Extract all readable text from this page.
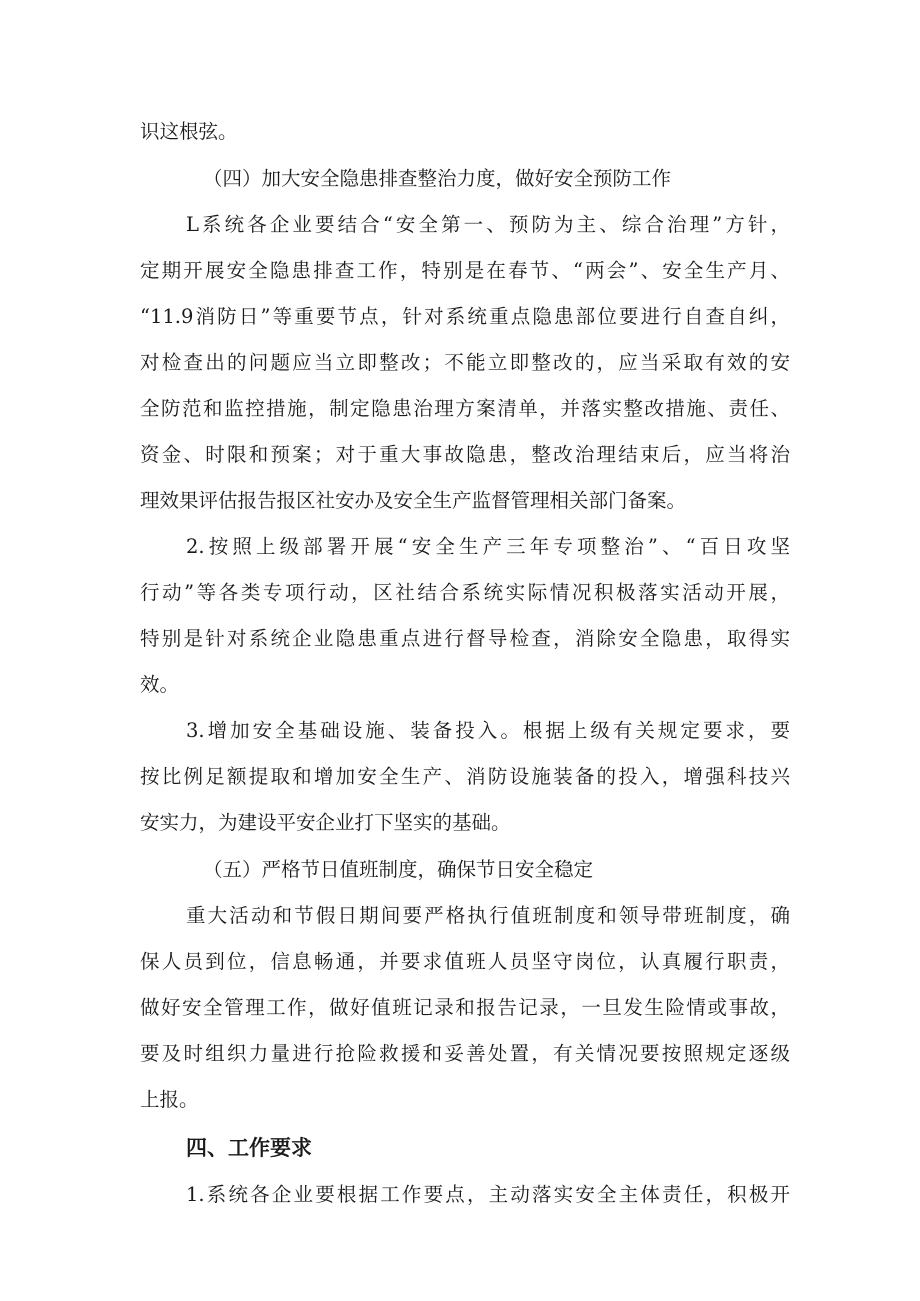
识这根弦。
（四）加大安全隐患排查整治力度，做好安全预防工作
L系统各企业要结合“安全第一、预防为主、综合治理”方针，
定期开展安全隐患排查工作，特别是在春节、“两会”、安全生产月、
“11.9消防日”等重要节点，针对系统重点隐患部位要进行自查自纠，
对检查出的问题应当立即整改；不能立即整改的，应当采取有效的安
全防范和监控措施，制定隐患治理方案清单，并落实整改措施、责任、
资金、时限和预案；对于重大事故隐患，整改治理结束后，应当将治
理效果评估报告报区社安办及安全生产监督管理相关部门备案。
2.按照上级部署开展“安全生产三年专项整治”、“百日攻坚
行动”等各类专项行动，区社结合系统实际情况积极落实活动开展，
特别是针对系统企业隐患重点进行督导检查，消除安全隐患，取得实
效。
3.增加安全基础设施、装备投入。根据上级有关规定要求，要
按比例足额提取和增加安全生产、消防设施装备的投入，增强科技兴
安实力，为建设平安企业打下坚实的基础。
（五）严格节日值班制度，确保节日安全稳定
重大活动和节假日期间要严格执行值班制度和领导带班制度，确
保人员到位，信息畅通，并要求值班人员坚守岗位，认真履行职责，
做好安全管理工作，做好值班记录和报告记录，一旦发生险情或事故，
要及时组织力量进行抢险救援和妥善处置，有关情况要按照规定逐级
上报。
四、工作要求
1.系统各企业要根据工作要点，主动落实安全主体责任，积极开
